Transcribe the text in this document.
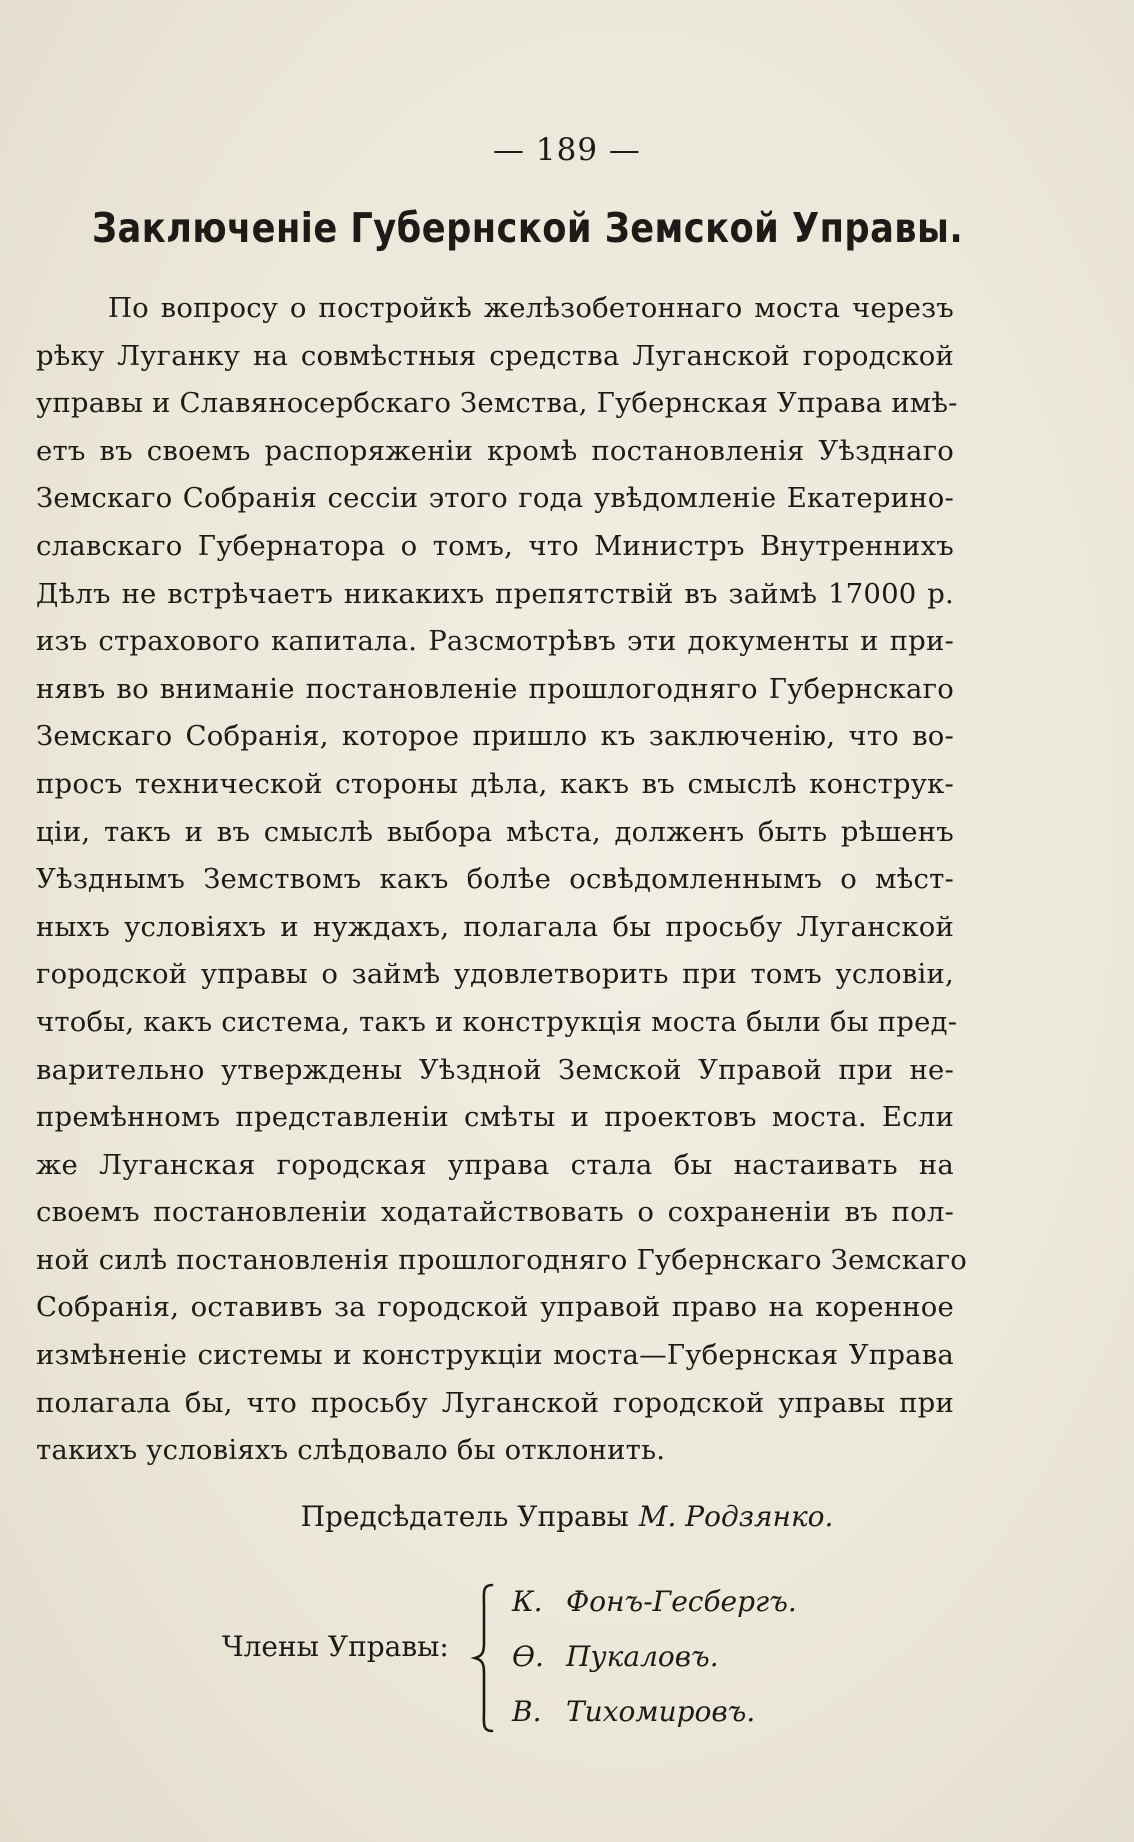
— 189 —
Заключенiе Губернской Земской Управы.
По вопросу о постройкѣ желѣзобетоннаго моста черезъ
рѣку Луганку на совмѣстныя средства Луганской городской
управы и Славяносербскаго Земства, Губернская Управа имѣ-
етъ въ своемъ распоряженiи кромѣ постановленiя Уѣзднаго
Земскаго Собранiя сессiи этого года увѣдомленiе Екатерино-
славскаго Губернатора о томъ, что Министръ Внутреннихъ
Дѣлъ не встрѣчаетъ никакихъ препятствiй въ займѣ 17000 р.
изъ страхового капитала. Разсмотрѣвъ эти документы и при-
нявъ во вниманiе постановленiе прошлогодняго Губернскаго
Земскаго Собранiя, которое пришло къ заключенiю, что во-
просъ технической стороны дѣла, какъ въ смыслѣ конструк-
цiи, такъ и въ смыслѣ выбора мѣста, долженъ быть рѣшенъ
Уѣзднымъ Земствомъ какъ болѣе освѣдомленнымъ о мѣст-
ныхъ условiяхъ и нуждахъ, полагала бы просьбу Луганской
городской управы о займѣ удовлетворить при томъ условiи,
чтобы, какъ система, такъ и конструкцiя моста были бы пред-
варительно утверждены Уѣздной Земской Управой при не-
премѣнномъ представленiи смѣты и проектовъ моста. Если
же Луганская городская управа стала бы настаивать на
своемъ постановленiи ходатайствовать о сохраненiи въ пол-
ной силѣ постановленiя прошлогодняго Губернскаго Земскаго
Собранiя, оставивъ за городской управой право на коренное
измѣненiе системы и конструкцiи моста—Губернская Управа
полагала бы, что просьбу Луганской городской управы при
такихъ условiяхъ слѣдовало бы отклонить.
Предсѣдатель Управы М. Родзянко.
Члены Управы:
К. Фонъ-Гесбергъ.
Ѳ. Пукаловъ.
В. Тихомировъ.
